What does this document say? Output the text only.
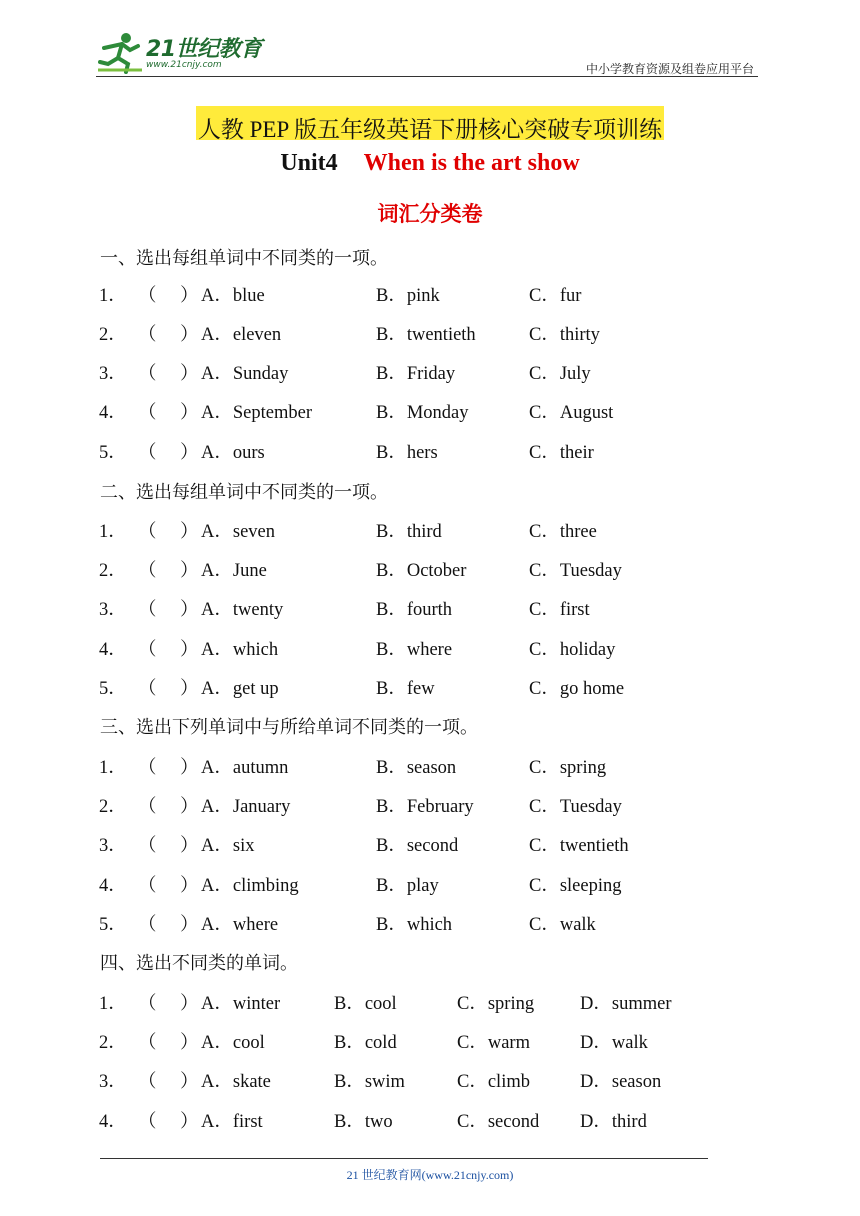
21世纪教育
www.21cnjy.com	中小学教育资源及组卷应用平台
人教 PEP 版五年级英语下册核心突破专项训练
Unit4 When is the art show
词汇分类卷
一、选出每组单词中不同类的一项。
1． （ ） A．blue	B．pink	C．fur
2． （ ） A．eleven	B．twentieth	C．thirty
3． （ ） A．Sunday	B．Friday	C．July
4． （ ） A．September	B．Monday	C．August
5． （ ） A．ours	B．hers	C．their
二、选出每组单词中不同类的一项。
1． （ ） A．seven	B．third	C．three
2． （ ） A．June	B．October	C．Tuesday
3． （ ） A．twenty	B．fourth	C．first
4． （ ） A．which	B．where	C．holiday
5． （ ） A．get up	B．few	C．go home
三、选出下列单词中与所给单词不同类的一项。
1． （ ） A．autumn	B．season	C．spring
2． （ ） A．January	B．February	C．Tuesday
3． （ ） A．six	B．second	C．twentieth
4． （ ） A．climbing	B．play	C．sleeping
5． （ ） A．where	B．which	C．walk
四、选出不同类的单词。
1． （ ） A．winter	B．cool	C．spring D．summer
2． （ ） A．cool	B．cold	C．warm	D．walk
3． （ ） A．skate	B．swim	C．climb	D．season
4． （ ） A．first	B．two	C．second D．third
21 世纪教育网(www.21cnjy.com)
